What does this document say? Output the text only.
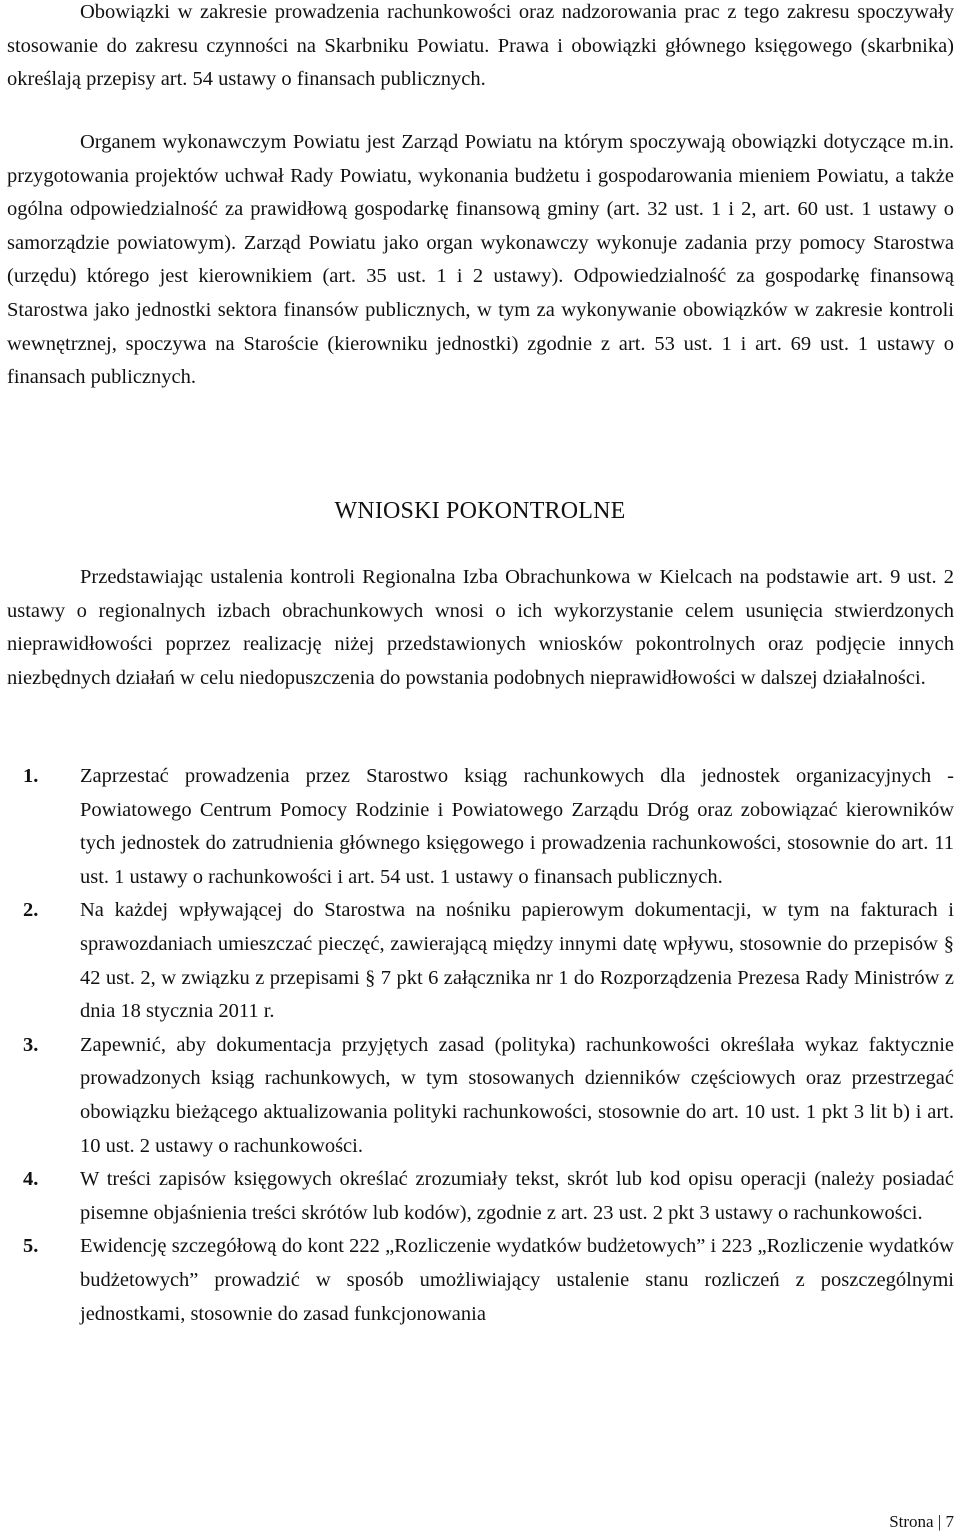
Obowiązki w zakresie prowadzenia rachunkowości oraz nadzorowania prac z tego zakresu spoczywały stosowanie do zakresu czynności na Skarbniku Powiatu. Prawa i obowiązki głównego księgowego (skarbnika) określają przepisy art. 54 ustawy o finansach publicznych.

Organem wykonawczym Powiatu jest Zarząd Powiatu na którym spoczywają obowiązki dotyczące m.in. przygotowania projektów uchwał Rady Powiatu, wykonania budżetu i gospodarowania mieniem Powiatu, a także ogólna odpowiedzialność za prawidłową gospodarkę finansową gminy (art. 32 ust. 1 i 2, art. 60 ust. 1 ustawy o samorządzie powiatowym). Zarząd Powiatu jako organ wykonawczy wykonuje zadania przy pomocy Starostwa (urzędu) którego jest kierownikiem (art. 35 ust. 1 i 2 ustawy). Odpowiedzialność za gospodarkę finansową Starostwa jako jednostki sektora finansów publicznych, w tym za wykonywanie obowiązków w zakresie kontroli wewnętrznej, spoczywa na Staroście (kierowniku jednostki) zgodnie z art. 53 ust. 1 i art. 69 ust. 1 ustawy o finansach publicznych.

WNIOSKI POKONTROLNE

Przedstawiając ustalenia kontroli Regionalna Izba Obrachunkowa w Kielcach na podstawie art. 9 ust. 2 ustawy o regionalnych izbach obrachunkowych wnosi o ich wykorzystanie celem usunięcia stwierdzonych nieprawidłowości poprzez realizację niżej przedstawionych wniosków pokontrolnych oraz podjęcie innych niezbędnych działań w celu niedopuszczenia do powstania podobnych nieprawidłowości w dalszej działalności.

1. Zaprzestać prowadzenia przez Starostwo ksiąg rachunkowych dla jednostek organizacyjnych - Powiatowego Centrum Pomocy Rodzinie i Powiatowego Zarządu Dróg oraz zobowiązać kierowników tych jednostek do zatrudnienia głównego księgowego i prowadzenia rachunkowości, stosownie do art. 11 ust. 1 ustawy o rachunkowości i art. 54 ust. 1 ustawy o finansach publicznych.
2. Na każdej wpływającej do Starostwa na nośniku papierowym dokumentacji, w tym na fakturach i sprawozdaniach umieszczać pieczęć, zawierającą między innymi datę wpływu, stosownie do przepisów § 42 ust. 2, w związku z przepisami § 7 pkt 6 załącznika nr 1 do Rozporządzenia Prezesa Rady Ministrów z dnia 18 stycznia 2011 r.
3. Zapewnić, aby dokumentacja przyjętych zasad (polityka) rachunkowości określała wykaz faktycznie prowadzonych ksiąg rachunkowych, w tym stosowanych dzienników częściowych oraz przestrzegać obowiązku bieżącego aktualizowania polityki rachunkowości, stosownie do art. 10 ust. 1 pkt 3 lit b) i art. 10 ust. 2 ustawy o rachunkowości.
4. W treści zapisów księgowych określać zrozumiały tekst, skrót lub kod opisu operacji (należy posiadać pisemne objaśnienia treści skrótów lub kodów), zgodnie z art. 23 ust. 2 pkt 3 ustawy o rachunkowości.
5. Ewidencję szczegółową do kont 222 „Rozliczenie wydatków budżetowych” i 223 „Rozliczenie wydatków budżetowych” prowadzić w sposób umożliwiający ustalenie stanu rozliczeń z poszczególnymi jednostkami, stosownie do zasad funkcjonowania
Strona | 7
